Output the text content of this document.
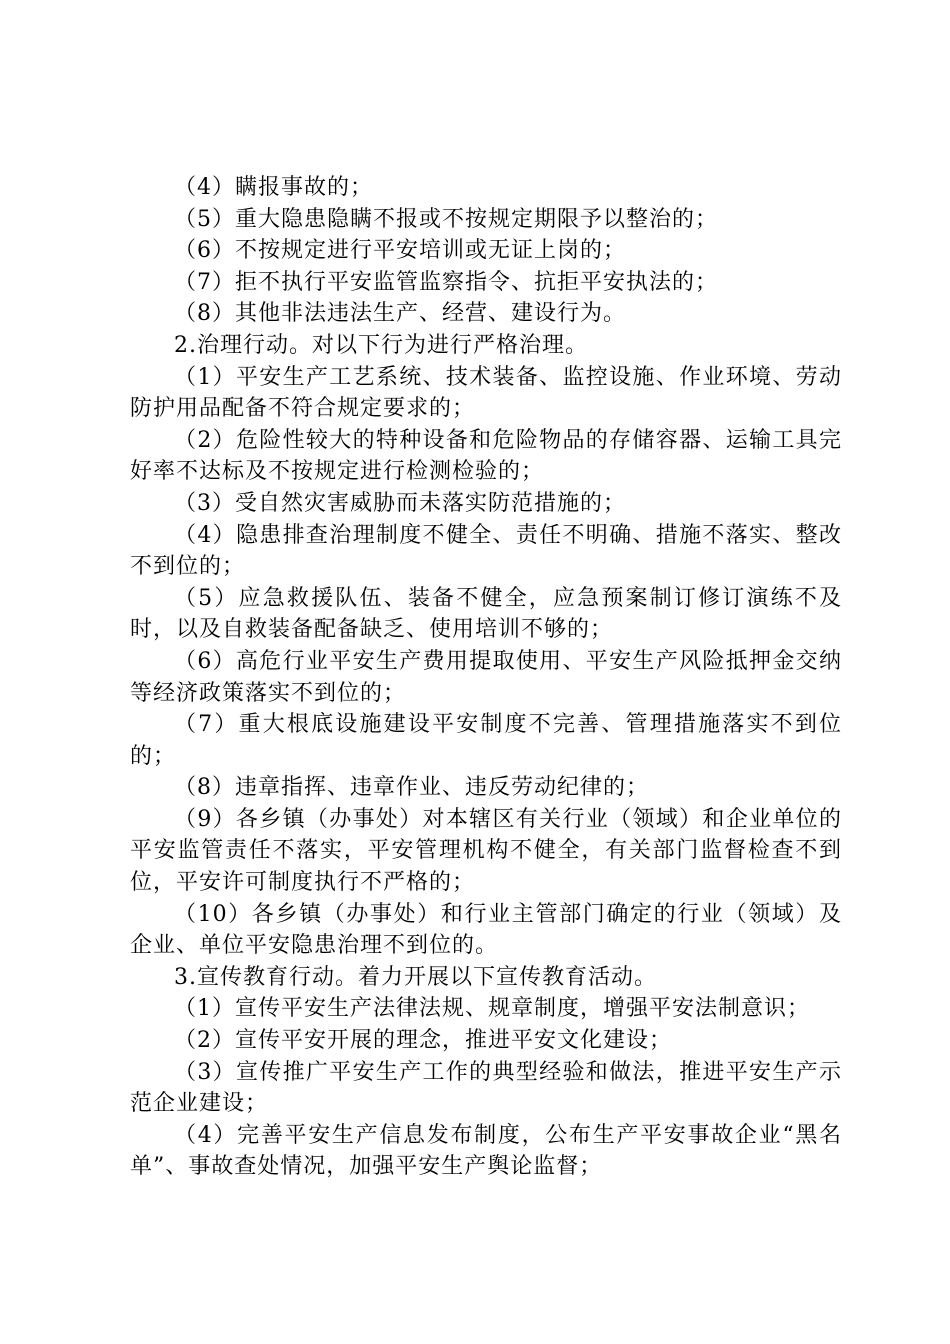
（4）瞒报事故的；

（5）重大隐患隐瞒不报或不按规定期限予以整治的；

（6）不按规定进行平安培训或无证上岗的；

（7）拒不执行平安监管监察指令、抗拒平安执法的；

（8）其他非法违法生产、经营、建设行为。

2.治理行动。对以下行为进行严格治理。

（1）平安生产工艺系统、技术装备、监控设施、作业环境、劳动防护用品配备不符合规定要求的；

（2）危险性较大的特种设备和危险物品的存储容器、运输工具完好率不达标及不按规定进行检测检验的；

（3）受自然灾害威胁而未落实防范措施的；

（4）隐患排查治理制度不健全、责任不明确、措施不落实、整改不到位的；

（5）应急救援队伍、装备不健全，应急预案制订修订演练不及时，以及自救装备配备缺乏、使用培训不够的；

（6）高危行业平安生产费用提取使用、平安生产风险抵押金交纳等经济政策落实不到位的；

（7）重大根底设施建设平安制度不完善、管理措施落实不到位的；

（8）违章指挥、违章作业、违反劳动纪律的；

（9）各乡镇（办事处）对本辖区有关行业（领域）和企业单位的平安监管责任不落实，平安管理机构不健全，有关部门监督检查不到位，平安许可制度执行不严格的；

（10）各乡镇（办事处）和行业主管部门确定的行业（领域）及企业、单位平安隐患治理不到位的。

3.宣传教育行动。着力开展以下宣传教育活动。

（1）宣传平安生产法律法规、规章制度，增强平安法制意识；

（2）宣传平安开展的理念，推进平安文化建设；

（3）宣传推广平安生产工作的典型经验和做法，推进平安生产示范企业建设；

（4）完善平安生产信息发布制度，公布生产平安事故企业“黑名单”、事故查处情况，加强平安生产舆论监督；
